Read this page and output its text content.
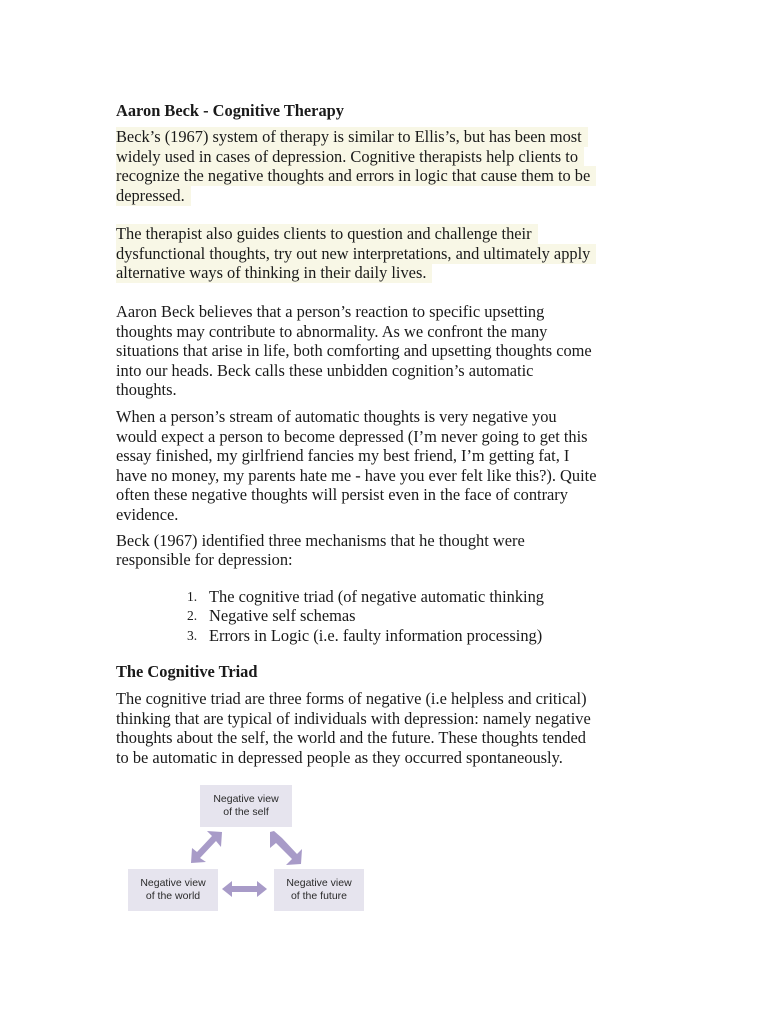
Aaron Beck - Cognitive Therapy
Beck’s (1967) system of therapy is similar to Ellis’s, but has been most
widely used in cases of depression. Cognitive therapists help clients to
recognize the negative thoughts and errors in logic that cause them to be
depressed.
The therapist also guides clients to question and challenge their
dysfunctional thoughts, try out new interpretations, and ultimately apply
alternative ways of thinking in their daily lives.
Aaron Beck believes that a person’s reaction to specific upsetting
thoughts may contribute to abnormality. As we confront the many
situations that arise in life, both comforting and upsetting thoughts come
into our heads. Beck calls these unbidden cognition’s automatic
thoughts.
When a person’s stream of automatic thoughts is very negative you
would expect a person to become depressed (I’m never going to get this
essay finished, my girlfriend fancies my best friend, I’m getting fat, I
have no money, my parents hate me - have you ever felt like this?). Quite
often these negative thoughts will persist even in the face of contrary
evidence.
Beck (1967) identified three mechanisms that he thought were
responsible for depression:
1. The cognitive triad (of negative automatic thinking
2. Negative self schemas
3. Errors in Logic (i.e. faulty information processing)
The Cognitive Triad
The cognitive triad are three forms of negative (i.e helpless and critical)
thinking that are typical of individuals with depression: namely negative
thoughts about the self, the world and the future. These thoughts tended
to be automatic in depressed people as they occurred spontaneously.
Negative view
of the self
Negative view
of the world
Negative view
of the future
